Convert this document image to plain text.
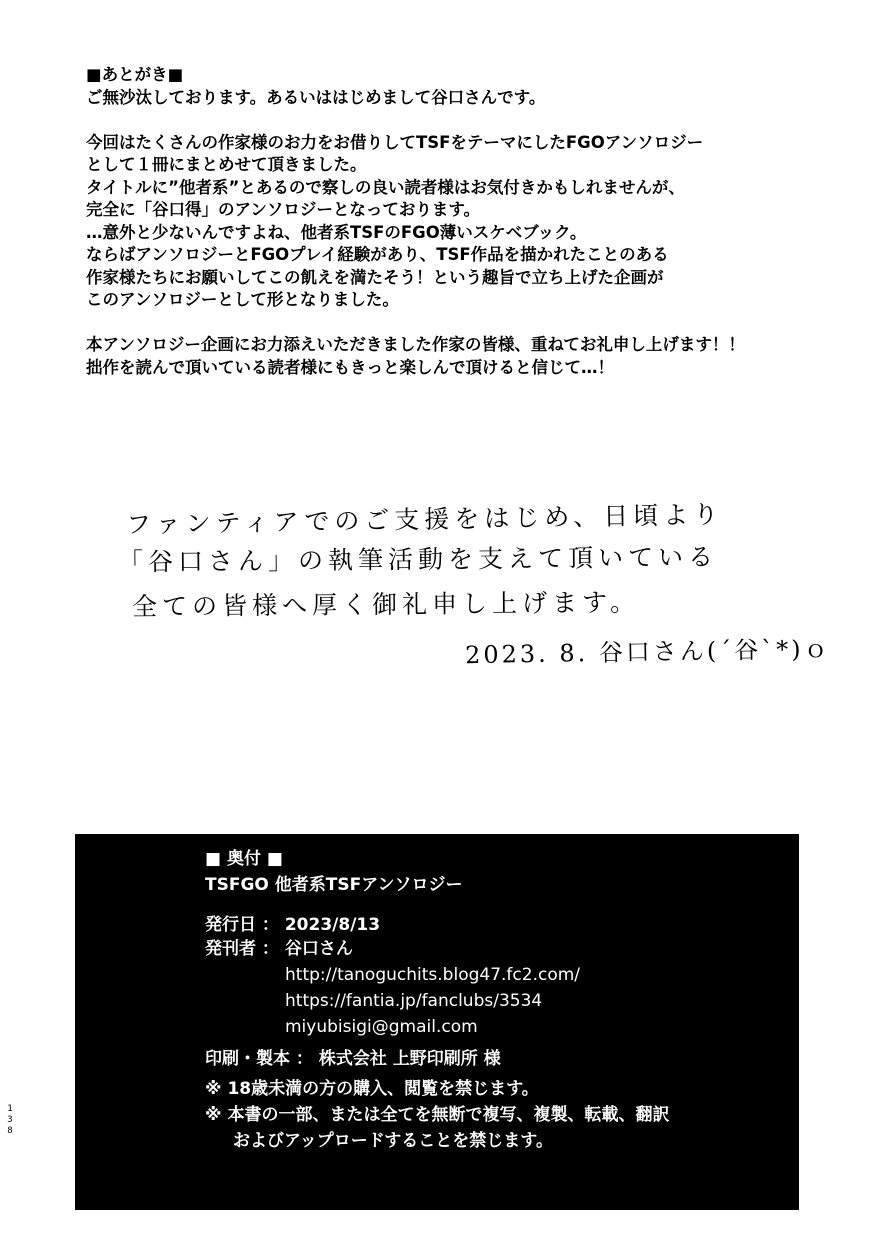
■あとがき■
ご無沙汰しております。あるいははじめまして谷口さんです。
今回はたくさんの作家様のお力をお借りしてTSFをテーマにしたFGOアンソロジー
として１冊にまとめせて頂きました。
タイトルに”他者系”とあるので察しの良い読者様はお気付きかもしれませんが、
完全に「谷口得」のアンソロジーとなっております。
…意外と少ないんですよね、他者系TSFのFGO薄いスケベブック。
ならばアンソロジーとFGOプレイ経験があり、TSF作品を描かれたことのある
作家様たちにお願いしてこの飢えを満たそう！という趣旨で立ち上げた企画が
このアンソロジーとして形となりました。
本アンソロジー企画にお力添えいただきました作家の皆様、重ねてお礼申し上げます！！
拙作を読んで頂いている読者様にもきっと楽しんで頂けると信じて…！
ファンティアでのご支援をはじめ、日頃より
「谷口さん」の執筆活動を支えて頂いている
全ての皆様へ厚く御礼申し上げます。
2023. 8. 谷口さん(´谷`*)ｏ
■ 奥付 ■
TSFGO 他者系TSFアンソロジー
発行日 ： 2023/8/13
発刊者 ： 谷口さん
http://tanoguchits.blog47.fc2.com/
https://fantia.jp/fanclubs/3534
miyubisigi@gmail.com
印刷・製本 ： 株式会社 上野印刷所 様
※ 18歳未満の方の購入、閲覧を禁じます。
※ 本書の一部、または全てを無断で複写、複製、転載、翻訳
およびアップロードすることを禁じます。
1
3
8
